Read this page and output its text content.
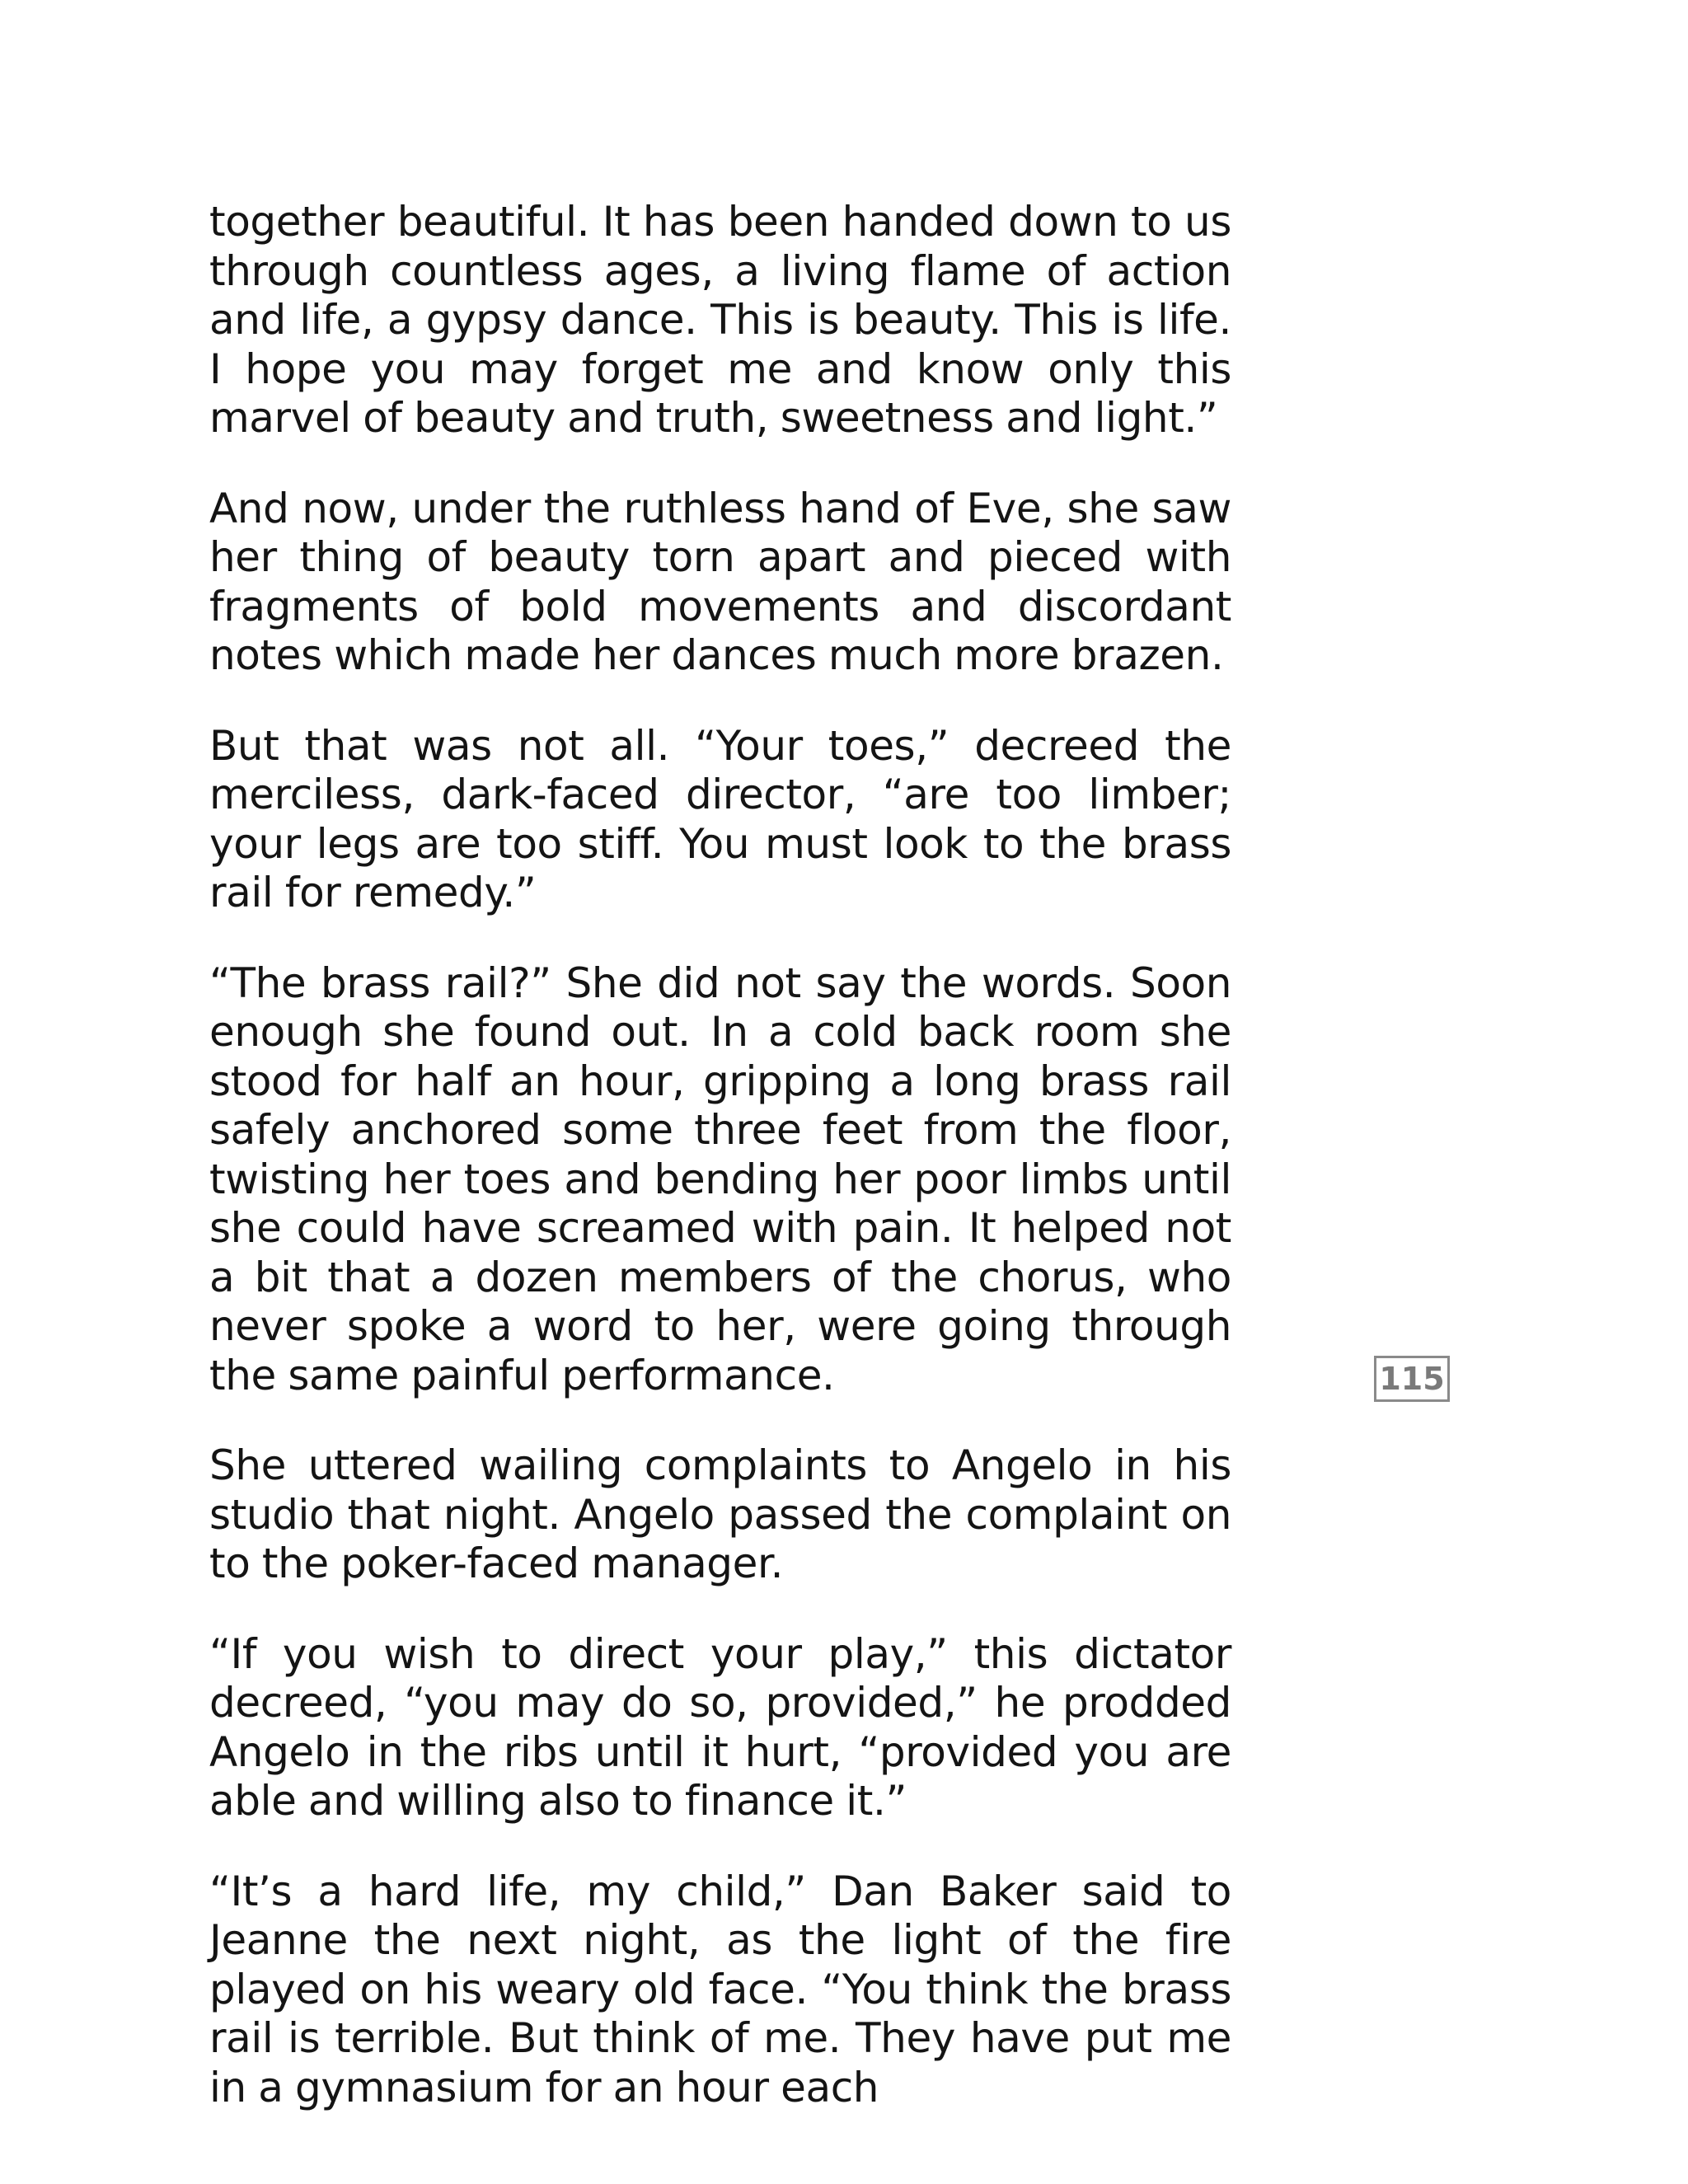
together beautiful. It has been handed down to us through countless ages, a living flame of action and life, a gypsy dance. This is beauty. This is life. I hope you may forget me and know only this marvel of beauty and truth, sweetness and light.”

And now, under the ruthless hand of Eve, she saw her thing of beauty torn apart and pieced with fragments of bold movements and discordant notes which made her dances much more brazen.

But that was not all. “Your toes,” decreed the merciless, dark-faced director, “are too limber; your legs are too stiff. You must look to the brass rail for remedy.”

“The brass rail?” She did not say the words. Soon enough she found out. In a cold back room she stood for half an hour, gripping a long brass rail safely anchored some three feet from the floor, twisting her toes and bending her poor limbs until she could have screamed with pain. It helped not a bit that a dozen members of the chorus, who never spoke a word to her, were going through the same painful performance.

She uttered wailing complaints to Angelo in his studio that night. Angelo passed the complaint on to the poker-faced manager.

“If you wish to direct your play,” this dictator decreed, “you may do so, provided,” he prodded Angelo in the ribs until it hurt, “provided you are able and willing also to finance it.”

“It’s a hard life, my child,” Dan Baker said to Jeanne the next night, as the light of the fire played on his weary old face. “You think the brass rail is terrible. But think of me. They have put me in a gymnasium for an hour each

115
